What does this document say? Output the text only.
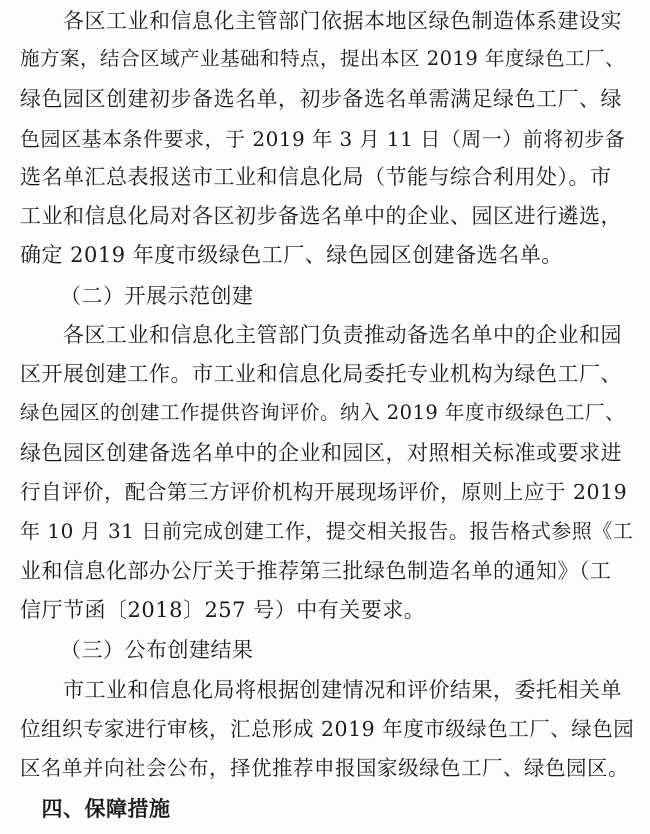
　　各区工业和信息化主管部门依据本地区绿色制造体系建设实
施方案，结合区域产业基础和特点，提出本区 2019 年度绿色工厂、
绿色园区创建初步备选名单，初步备选名单需满足绿色工厂、绿
色园区基本条件要求，于 2019 年 3 月 11 日（周一）前将初步备
选名单汇总表报送市工业和信息化局（节能与综合利用处）。市
工业和信息化局对各区初步备选名单中的企业、园区进行遴选，
确定 2019 年度市级绿色工厂、绿色园区创建备选名单。
（二）开展示范创建
　　各区工业和信息化主管部门负责推动备选名单中的企业和园
区开展创建工作。市工业和信息化局委托专业机构为绿色工厂、
绿色园区的创建工作提供咨询评价。纳入 2019 年度市级绿色工厂、
绿色园区创建备选名单中的企业和园区，对照相关标准或要求进
行自评价，配合第三方评价机构开展现场评价，原则上应于 2019
年 10 月 31 日前完成创建工作，提交相关报告。报告格式参照《工
业和信息化部办公厅关于推荐第三批绿色制造名单的通知》（工
信厅节函〔2018〕257 号）中有关要求。
（三）公布创建结果
　　市工业和信息化局将根据创建情况和评价结果，委托相关单
位组织专家进行审核，汇总形成 2019 年度市级绿色工厂、绿色园
区名单并向社会公布，择优推荐申报国家级绿色工厂、绿色园区。
　四、保障措施
